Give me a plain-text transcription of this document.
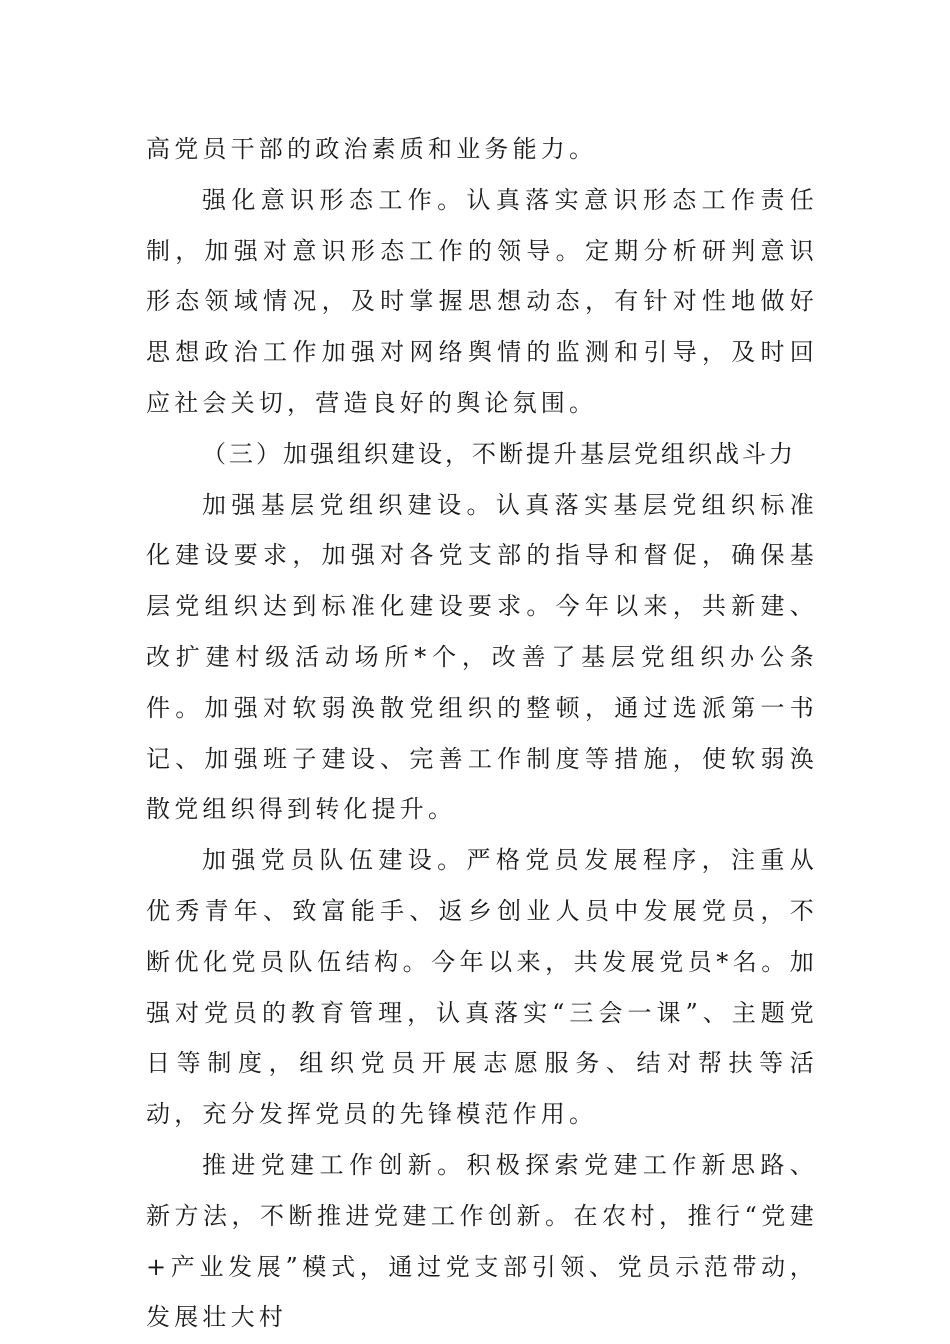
高党员干部的政治素质和业务能力。

强化意识形态工作。认真落实意识形态工作责任制，加强对意识形态工作的领导。定期分析研判意识形态领域情况，及时掌握思想动态，有针对性地做好思想政治工作加强对网络舆情的监测和引导，及时回应社会关切，营造良好的舆论氛围。

（三）加强组织建设，不断提升基层党组织战斗力

加强基层党组织建设。认真落实基层党组织标准化建设要求，加强对各党支部的指导和督促，确保基层党组织达到标准化建设要求。今年以来，共新建、改扩建村级活动场所*个，改善了基层党组织办公条件。加强对软弱涣散党组织的整顿，通过选派第一书记、加强班子建设、完善工作制度等措施，使软弱涣散党组织得到转化提升。

加强党员队伍建设。严格党员发展程序，注重从优秀青年、致富能手、返乡创业人员中发展党员，不断优化党员队伍结构。今年以来，共发展党员*名。加强对党员的教育管理，认真落实“三会一课”、主题党日等制度，组织党员开展志愿服务、结对帮扶等活动，充分发挥党员的先锋模范作用。

推进党建工作创新。积极探索党建工作新思路、新方法，不断推进党建工作创新。在农村，推行“党建+产业发展”模式，通过党支部引领、党员示范带动，发展壮大村
